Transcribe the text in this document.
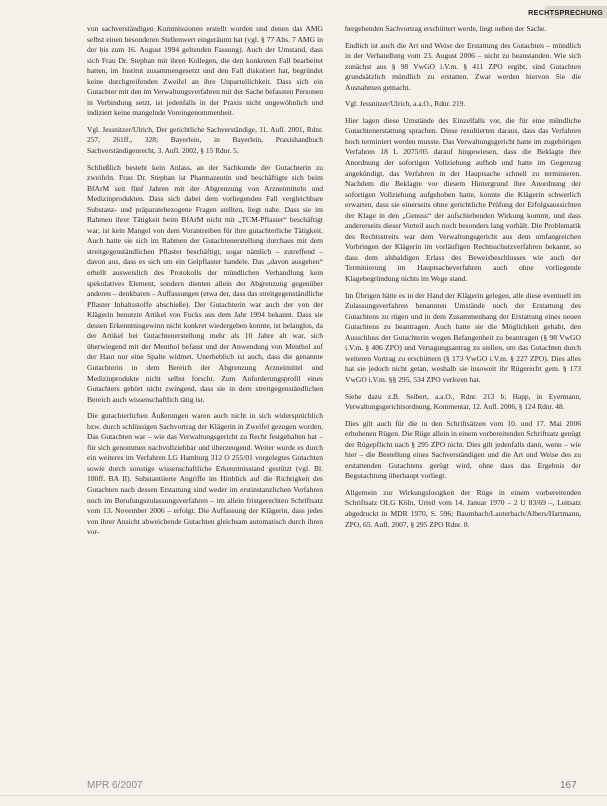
RECHTSPRECHUNG

von sachverständigen Kommissionen erstellt worden und denen das AMG selbst einen besonderen Stellenwert eingeräumt hat (vgl. § 77 Abs. 7 AMG in der bis zum 16. August 1994 geltenden Fassung). Auch der Umstand, dass sich Frau Dr. Stephan mit ihren Kollegen, die den konkreten Fall bearbeitet hatten, im Institut zusammengesetzt und den Fall diskutiert hat, begründet keine durchgreifenden Zweifel an ihre Unparteilichkeit. Dass sich ein Gutachter mit den im Verwaltungsverfahren mit der Sache befassten Personen in Verbindung setzt, ist jedenfalls in der Praxis nicht ungewöhnlich und indiziert keine mangelnde Voreingenommenheit.

Vgl. Jessnitzer/Ulrich, Der gerichtliche Sachverständige, 11. Aufl. 2001, Rdnr. 257, 261ff., 328; Bayerlein, in Bayerlein, Praxishandbuch Sachverständigenrecht, 3. Aufl. 2002, § 15 Rdnr. 5.

Schließlich besteht kein Anlass, an der Sachkunde der Gutachterin zu zweifeln. Frau Dr. Stephan ist Pharmazeutin und beschäftigte sich beim BfArM seit fünf Jahren mit der Abgrenzung von Arzneimitteln und Medizinprodukten. Dass sich dabei dem vorliegenden Fall vergleichbare Substanz- und präparatebezogene Fragen stellten, liegt nahe. Dass sie im Rahmen ihrer Tätigkeit beim BfArM nicht mit „TCM-Pflaster“ beschäftigt war, ist kein Mangel von dem Vorantreiben für ihre gutachterliche Tätigkeit. Auch hatte sie sich im Rahmen der Gutachtenerstellung durchaus mit dem streitgegenständlichen Pflaster beschäftigt, sogar nämlich – zutreffend – davon aus, dass es sich um ein Gelpflaster handele. Das „davon ausgehen“ erhellt ausweislich des Protokolls der mündlichen Verhandlung kein spekulatives Element, sondern dienten allein der Abgrenzung gegenüber anderen – denkbaren – Auffassungen (etwa der, dass das streitgegenständliche Pflaster Inhaltsstoffe abschieße). Der Gutachterin war auch der von der Klägerin benutzte Artikel von Fucks aus dem Jahr 1994 bekannt. Dass sie dessen Erkenntnisgewinn nicht konkret wiedergeben konnte, ist belanglos, da der Artikel bei Gutachtenerstellung mehr als 10 Jahre alt war, sich überwiegend mit der Menthol befasst und der Anwendung von Menthol auf der Haut nur eine Spalte widmet. Unerheblich ist auch, dass die genannte Gutachterin in dem Bereich der Abgrenzung Arzneimittel und Medizinprodukte nicht selbst forscht. Zum Anforderungsprofil eines Gutachters gehört nicht zwingend, dass sie in dem streitgegenständlichen Bereich auch wissenschaftlich tätig ist.

Die gutachterlichen Äußerungen waren auch nicht in sich widersprüchlich bzw. durch schlüssigen Sachvortrag der Klägerin in Zweifel gezogen worden. Das Gutachten war – wie das Verwaltungsgericht zu Recht festgehalten hat – für sich genommen nachvollziehbar und überzeugend. Weiter wurde es durch ein weiteres im Verfahren LG Hamburg 312 O 255/01 vorgelegtes Gutachten sowie durch sonstige wissenschaftliche Erkenntnisstand gestützt (vgl. Bl. 100ff. BA II). Substantiierte Angriffe im Hinblick auf die Richtigkeit des Gutachten nach dessen Erstattung sind weder im erstinstanzlichen Verfahren noch im Berufungszulassungsverfahren – im allein fristgerechten Schriftsatz vom 13. November 2006 – erfolgt. Die Auffassung der Klägerin, dass jedes von ihrer Ansicht abweichende Gutachten gleichsam automatisch durch ihren vor-

hergehenden Sachvortrag erschüttert werde, liegt neben der Sache.

Endlich ist auch die Art und Weise der Erstattung des Gutachten – mündlich in der Verhandlung vom 23. August 2006 – nicht zu beanstanden. Wie sich zunächst aus § 98 VwGO i.V.m. § 411 ZPO ergibt, sind Gutachten grundsätzlich mündlich zu erstatten. Zwar werden hiervon Sie die Ausnahmen gemacht.

Vgl. Jessnitzer/Ulrich, a.a.O., Rdnr. 219.

Hier lagen diese Umstände des Einzelfalls vor, die für eine mündliche Gutachtenerstattung sprachen. Diese resultierten daraus, dass das Verfahren hoch terminiert werden musste. Das Verwaltungsgericht hatte im zugehörigen Verfahren 18 L 2075/05 darauf hingewiesen, dass die Beklagte ihre Anordnung der sofortigen Vollziehung aufhob und hatte im Gegenzug angekündigt, das Verfahren in der Hauptsache schnell zu terminieren. Nachdem die Beklagte vor diesem Hintergrund ihre Anordnung der sofortigen Vollziehung aufgehoben hatte, konnte die Klägerin schwerlich erwarten, dass sie einerseits ohne gerichtliche Prüfung der Erfolgsaussichten der Klage in den „Genuss“ der aufschiebenden Wirkung kommt, und dass andererseits dieser Vorteil auch noch besonders lang vorhält. Die Problematik des Rechtsstreits war dem Verwaltungsgericht aus dem umfangreichen Vorbringen der Klägerin im vorläufigen Rechtsschutzverfahren bekannt, so dass dem alsbaldigen Erlass des Beweisbeschlusses wie auch der Terminierung im Hauptsacheverfahren auch ohne vorliegende Klagebegründung nichts im Wege stand.

Im Übrigen hätte es in der Hand der Klägerin gelegen, alle diese eventuell im Zulassungsverfahren benannten Umstände noch der Erstattung des Gutachtens zu rügen und in dem Zusammenhang der Erstattung eines neuen Gutachtens zu beantragen. Auch hatte sie die Möglichkeit gehabt, den Ausschluss der Gutachterin wegen Befangenheit zu beantragen (§ 98 VwGO i.V.m. § 406 ZPO) und Vertagungsantrag zu stellen, um das Gutachten durch weiteren Vortrag zu erschüttern (§ 173 VwGO i.V.m. § 227 ZPO). Dies alles hat sie jedoch nicht getan, weshalb sie insoweit ihr Rügerecht gem. § 173 VwGO i.V.m. §§ 295, 534 ZPO verloren hat.

Siehe dazu z.B. Seibert, a.a.O., Rdnr. 213 b; Happ, in Eyermann, Verwaltungsgerichtsordnung, Kommentar, 12. Aufl. 2006, § 124 Rdnr. 48.

Dies gilt auch für die in den Schriftsätzen vom 10. und 17. Mai 2006 erhobenen Rügen. Die Rüge allein in einem vorbereitenden Schriftsatz genügt der Rügepflicht nach § 295 ZPO nicht. Dies gilt jedenfalls dann, wenn – wie hier – die Bestellung eines Sachverständigen und die Art und Weise des zu erstattenden Gutachtens gerügt wird, ohne dass das Ergebnis der Begutachtung überhaupt vorliegt.

Allgemein zur Wirkungslosigkeit der Rüge in einem vorbereitenden Schriftsatz OLG Köln, Urteil vom 14. Januar 1970 – 2 U 83/69 –, Leitsatz abgedruckt in MDR 1970, S. 596; Baumbach/Lauterbach/Albers/Hartmann, ZPO, 65. Aufl. 2007, § 295 ZPO Rdnr. 8.

MPR 6/2007	167
